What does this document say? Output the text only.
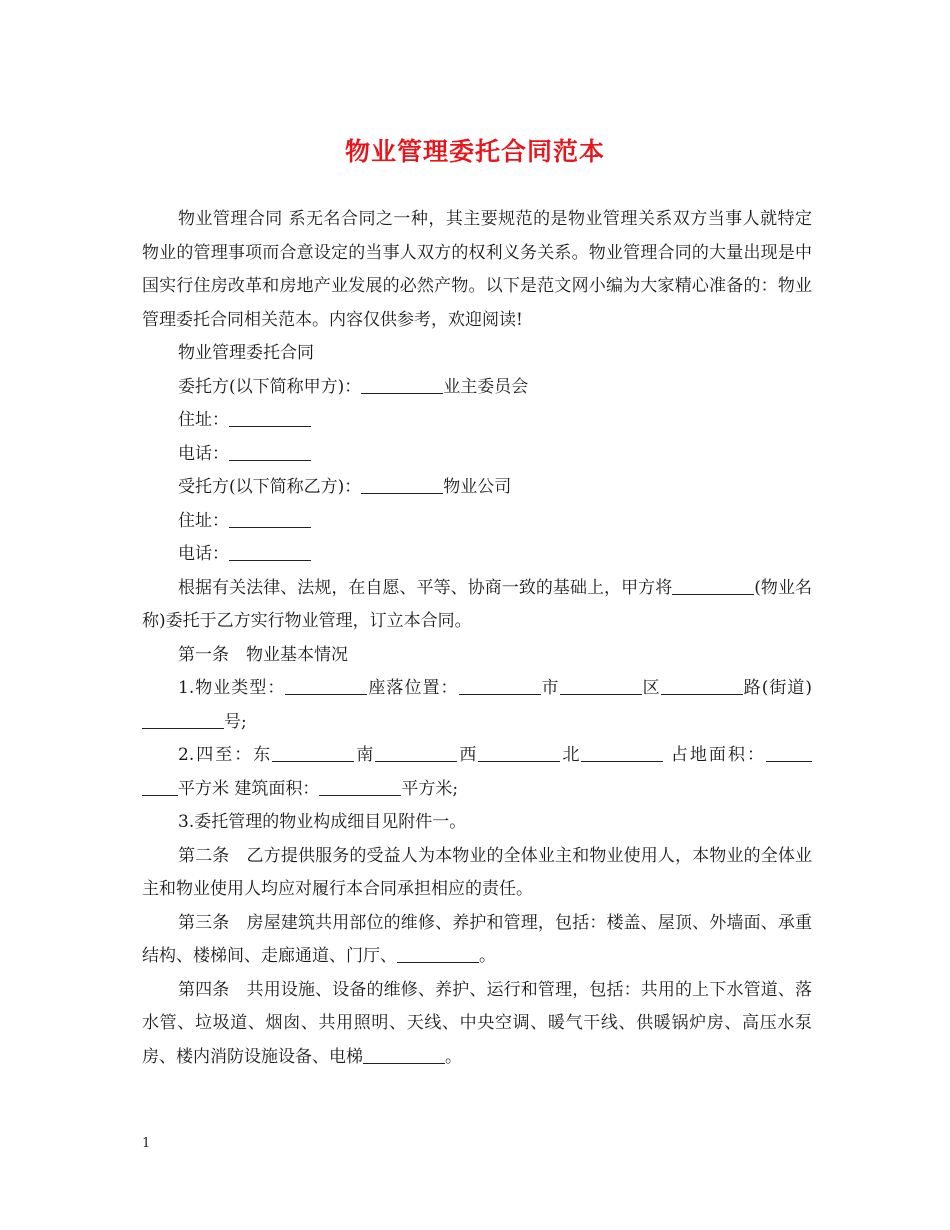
物业管理委托合同范本

物业管理合同 系无名合同之一种，其主要规范的是物业管理关系双方当事人就特定物业的管理事项而合意设定的当事人双方的权利义务关系。物业管理合同的大量出现是中国实行住房改革和房地产业发展的必然产物。以下是范文网小编为大家精心准备的：物业管理委托合同相关范本。内容仅供参考，欢迎阅读!

物业管理委托合同

委托方(以下简称甲方)：	业主委员会

住址：

电话：

受托方(以下简称乙方)：	物业公司

住址：

电话：

根据有关法律、法规，在自愿、平等、协商一致的基础上，甲方将	(物业名称)委托于乙方实行物业管理，订立本合同。

第一条　物业基本情况

1.物业类型：	座落位置：	市	区	路(街道)号;

2.四至：东	南	西	北	占地面积：平方米 建筑面积：	平方米;

3.委托管理的物业构成细目见附件一。

第二条　乙方提供服务的受益人为本物业的全体业主和物业使用人，本物业的全体业主和物业使用人均应对履行本合同承担相应的责任。

第三条　房屋建筑共用部位的维修、养护和管理，包括：楼盖、屋顶、外墙面、承重结构、楼梯间、走廊通道、门厅、	。

第四条　共用设施、设备的维修、养护、运行和管理，包括：共用的上下水管道、落水管、垃圾道、烟囱、共用照明、天线、中央空调、暖气干线、供暖锅炉房、高压水泵房、楼内消防设施设备、电梯	。

1
